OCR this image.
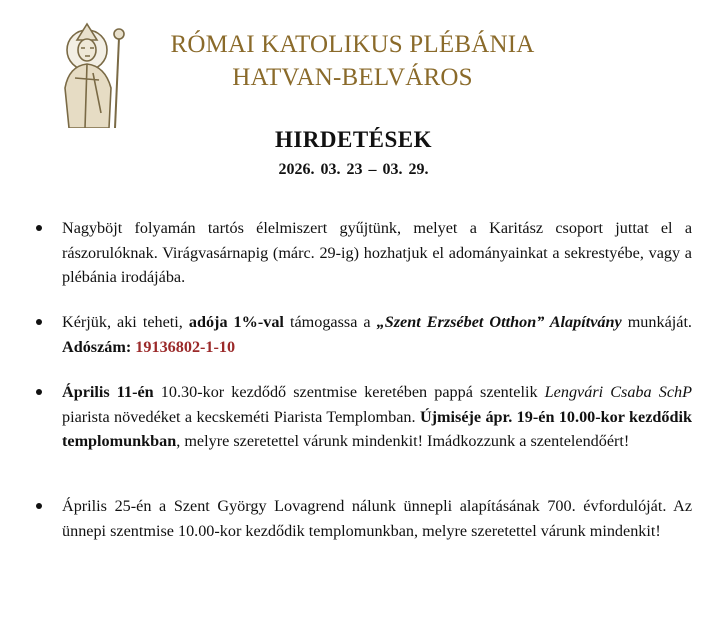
RÓMAI KATOLIKUS PLÉBÁNIA
HATVAN-BELVÁROS
HIRDETÉSEK
2026. 03. 23 – 03. 29.
Nagyböjt folyamán tartós élelmiszert gyűjtünk, melyet a Karitász csoport juttat el a rászorulóknak. Virágvasárnapig (márc. 29-ig) hozhatjuk el adományainkat a sekrestyébe, vagy a plébánia irodájába.
Kérjük, aki teheti, adója 1%-val támogassa a „Szent Erzsébet Otthon” Alapítvány munkáját. Adószám: 19136802-1-10
Április 11-én 10.30-kor kezdődő szentmise keretében pappá szentelik Lengvári Csaba SchP piarista növedéket a kecskeméti Piarista Templomban. Újmiséje ápr. 19-én 10.00-kor kezdődik templomunkban, melyre szeretettel várunk mindenkit! Imádkozzunk a szentelendőért!
Április 25-én a Szent György Lovagrend nálunk ünnepli alapításának 700. évfordulóját. Az ünnepi szentmise 10.00-kor kezdődik templomunkban, melyre szeretettel várunk mindenkit!
